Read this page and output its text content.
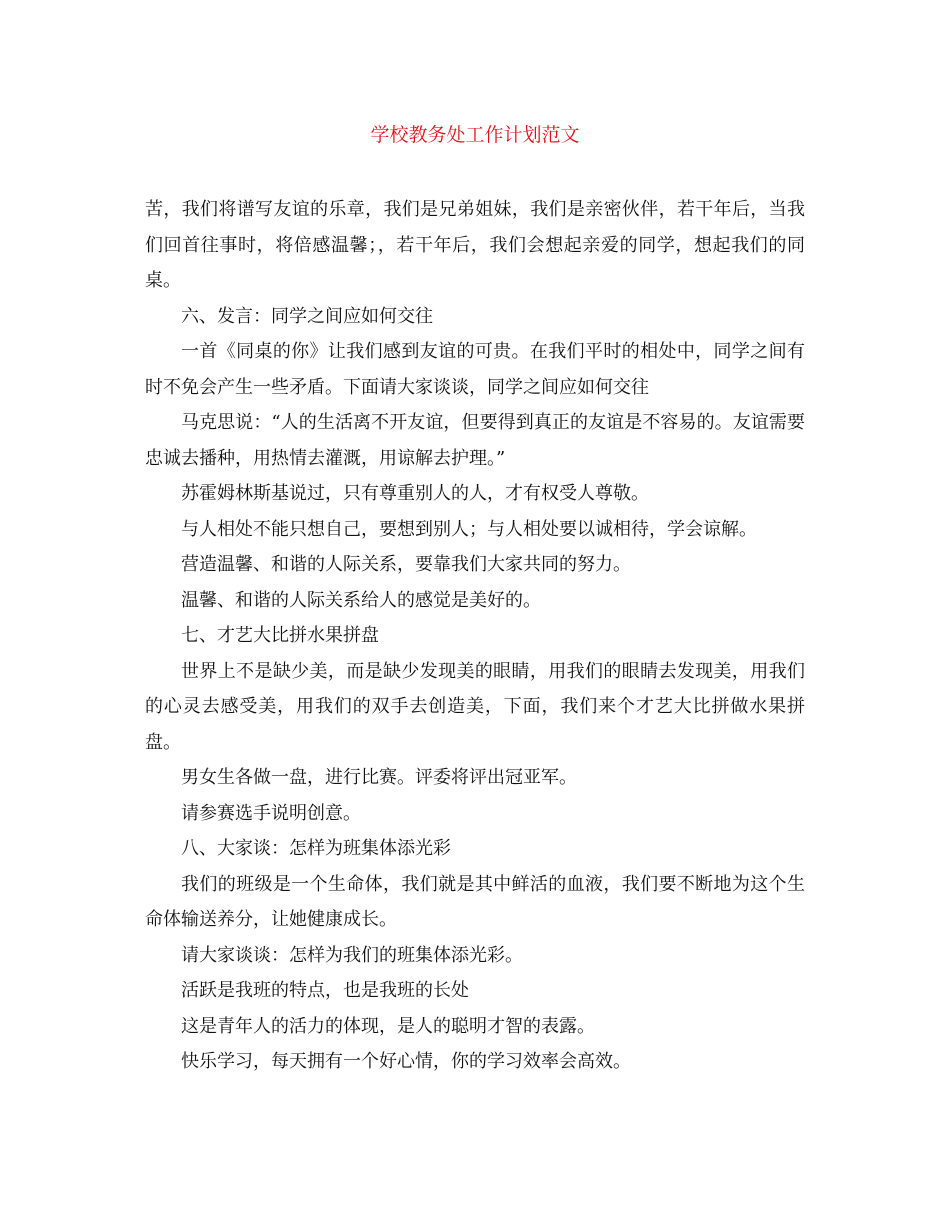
学校教务处工作计划范文

苦，我们将谱写友谊的乐章，我们是兄弟姐妹，我们是亲密伙伴，若干年后，当我们回首往事时，将倍感温馨；，若干年后，我们会想起亲爱的同学，想起我们的同桌。

六、发言：同学之间应如何交往

一首《同桌的你》让我们感到友谊的可贵。在我们平时的相处中，同学之间有时不免会产生一些矛盾。下面请大家谈谈，同学之间应如何交往

马克思说：“人的生活离不开友谊，但要得到真正的友谊是不容易的。友谊需要忠诚去播种，用热情去灌溉，用谅解去护理。”

苏霍姆林斯基说过，只有尊重别人的人，才有权受人尊敬。

与人相处不能只想自己，要想到别人；与人相处要以诚相待，学会谅解。

营造温馨、和谐的人际关系，要靠我们大家共同的努力。

温馨、和谐的人际关系给人的感觉是美好的。

七、才艺大比拼水果拼盘

世界上不是缺少美，而是缺少发现美的眼睛，用我们的眼睛去发现美，用我们的心灵去感受美，用我们的双手去创造美，下面，我们来个才艺大比拼做水果拼盘。

男女生各做一盘，进行比赛。评委将评出冠亚军。

请参赛选手说明创意。

八、大家谈：怎样为班集体添光彩

我们的班级是一个生命体，我们就是其中鲜活的血液，我们要不断地为这个生命体输送养分，让她健康成长。

请大家谈谈：怎样为我们的班集体添光彩。

活跃是我班的特点，也是我班的长处

这是青年人的活力的体现，是人的聪明才智的表露。

快乐学习，每天拥有一个好心情，你的学习效率会高效。
